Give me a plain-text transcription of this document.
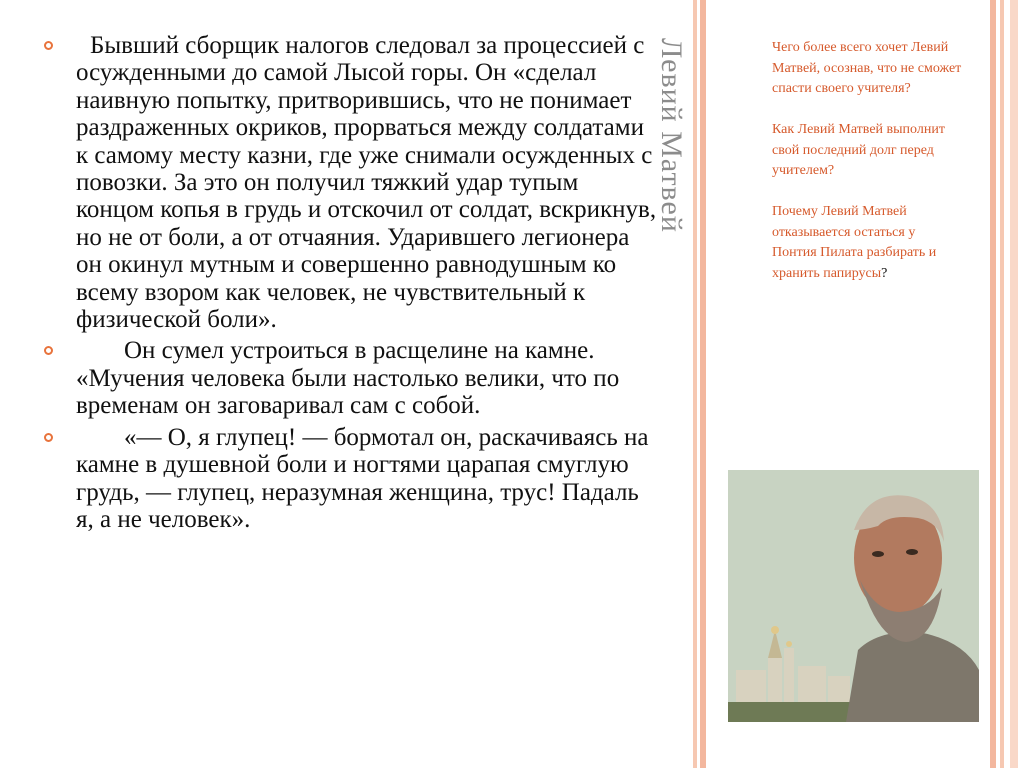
Бывший сборщик налогов следовал за процессией с осужденными до самой Лысой горы. Он «сделал наивную попытку, притворившись, что не понимает раздраженных окриков, прорваться между солдатами к самому месту казни, где уже снимали осужденных с повозки. За это он получил тяжкий удар тупым концом копья в грудь и отскочил от солдат, вскрикнув, но не от боли, а от отчаяния. Ударившего легионера он окинул мутным и совершенно равнодушным ко всему взором как человек, не чувствительный к физической боли».

Он сумел устроиться в расщелине на камне. «Мучения человека были настолько велики, что по временам он заговаривал сам с собой.

«— О, я глупец! — бормотал он, раскачиваясь на камне в душевной боли и ногтями царапая смуглую грудь, — глупец, неразумная женщина, трус! Падаль я, а не человек».

Левий Матвей	Чего более всего хочет Левий Матвей, осознав, что не сможет спасти своего учителя?

Как Левий Матвей выполнит свой последний долг перед учителем?

Почему Левий Матвей отказывается остаться у Понтия Пилата разбирать и хранить папирусы?
